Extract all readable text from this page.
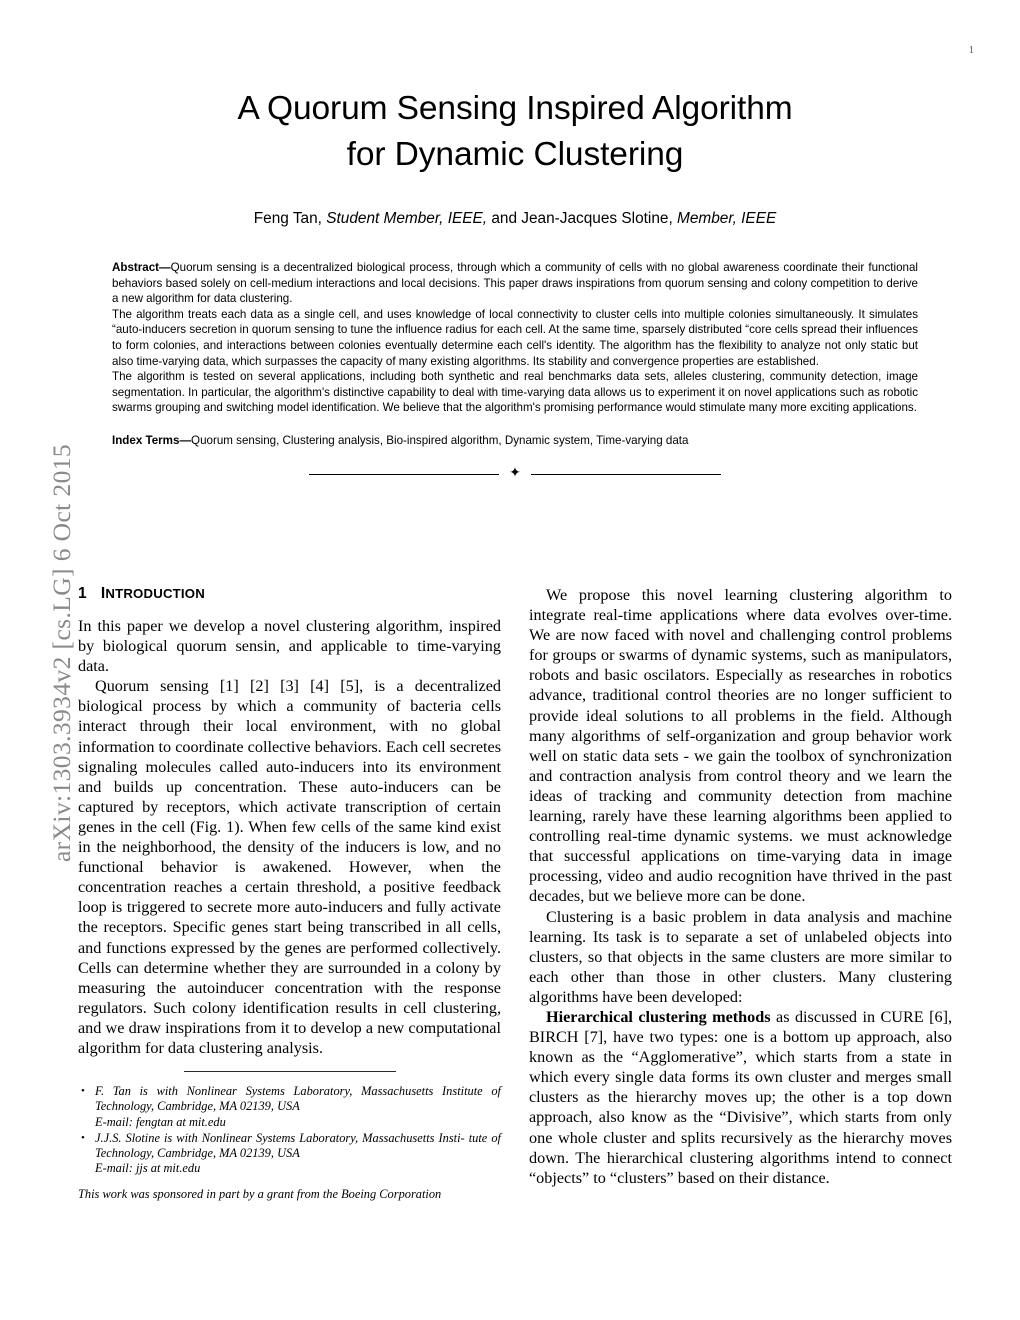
arXiv:1303.3934v2 [cs.LG] 6 Oct 2015
1
A Quorum Sensing Inspired Algorithm
for Dynamic Clustering
Feng Tan, Student Member, IEEE, and Jean-Jacques Slotine, Member, IEEE

Abstract—Quorum sensing is a decentralized biological process, through which a community of cells with no global awareness coordinate their functional behaviors based solely on cell-medium interactions and local decisions. This paper draws inspirations from quorum sensing and colony competition to derive a new algorithm for data clustering.

The algorithm treats each data as a single cell, and uses knowledge of local connectivity to cluster cells into multiple colonies simultaneously. It simulates “auto-inducers secretion in quorum sensing to tune the influence radius for each cell. At the same time, sparsely distributed “core cells spread their influences to form colonies, and interactions between colonies eventually determine each cell's identity. The algorithm has the flexibility to analyze not only static but also time-varying data, which surpasses the capacity of many existing algorithms. Its stability and convergence properties are established.

The algorithm is tested on several applications, including both synthetic and real benchmarks data sets, alleles clustering, community detection, image segmentation. In particular, the algorithm's distinctive capability to deal with time-varying data allows us to experiment it on novel applications such as robotic swarms grouping and switching model identification. We believe that the algorithm's promising performance would stimulate many more exciting applications.

Index Terms—Quorum sensing, Clustering analysis, Bio-inspired algorithm, Dynamic system, Time-varying data
✦
1 INTRODUCTION

In this paper we develop a novel clustering algorithm, inspired by biological quorum sensin, and applicable to time-varying data.

Quorum sensing [1] [2] [3] [4] [5], is a decentralized biological process by which a community of bacteria cells interact through their local environment, with no global information to coordinate collective behaviors. Each cell secretes signaling molecules called auto-inducers into its environment and builds up concentration. These auto-inducers can be captured by receptors, which activate transcription of certain genes in the cell (Fig. 1). When few cells of the same kind exist in the neighborhood, the density of the inducers is low, and no functional behavior is awakened. However, when the concentration reaches a certain threshold, a positive feedback loop is triggered to secrete more auto-inducers and fully activate the receptors. Specific genes start being transcribed in all cells, and functions expressed by the genes are performed collectively. Cells can determine whether they are surrounded in a colony by measuring the autoinducer concentration with the response regulators. Such colony identification results in cell clustering, and we draw inspirations from it to develop a new computational algorithm for data clustering analysis.

• F. Tan is with Nonlinear Systems Laboratory, Massachusetts Institute of Technology, Cambridge, MA 02139, USA
E-mail: fengtan at mit.edu
• J.J.S. Slotine is with Nonlinear Systems Laboratory, Massachusetts Insti- tute of Technology, Cambridge, MA 02139, USA
E-mail: jjs at mit.edu
This work was sponsored in part by a grant from the Boeing Corporation

We propose this novel learning clustering algorithm to integrate real-time applications where data evolves over-time. We are now faced with novel and challenging control problems for groups or swarms of dynamic systems, such as manipulators, robots and basic oscilators. Especially as researches in robotics advance, traditional control theories are no longer sufficient to provide ideal solutions to all problems in the field. Although many algorithms of self-organization and group behavior work well on static data sets - we gain the toolbox of synchronization and contraction analysis from control theory and we learn the ideas of tracking and community detection from machine learning, rarely have these learning algorithms been applied to controlling real-time dynamic systems. we must acknowledge that successful applications on time-varying data in image processing, video and audio recognition have thrived in the past decades, but we believe more can be done.

Clustering is a basic problem in data analysis and machine learning. Its task is to separate a set of unlabeled objects into clusters, so that objects in the same clusters are more similar to each other than those in other clusters. Many clustering algorithms have been developed:

Hierarchical clustering methods as discussed in CURE [6], BIRCH [7], have two types: one is a bottom up approach, also known as the “Agglomerative”, which starts from a state in which every single data forms its own cluster and merges small clusters as the hierarchy moves up; the other is a top down approach, also know as the “Divisive”, which starts from only one whole cluster and splits recursively as the hierarchy moves down. The hierarchical clustering algorithms intend to connect “objects” to “clusters” based on their distance.
